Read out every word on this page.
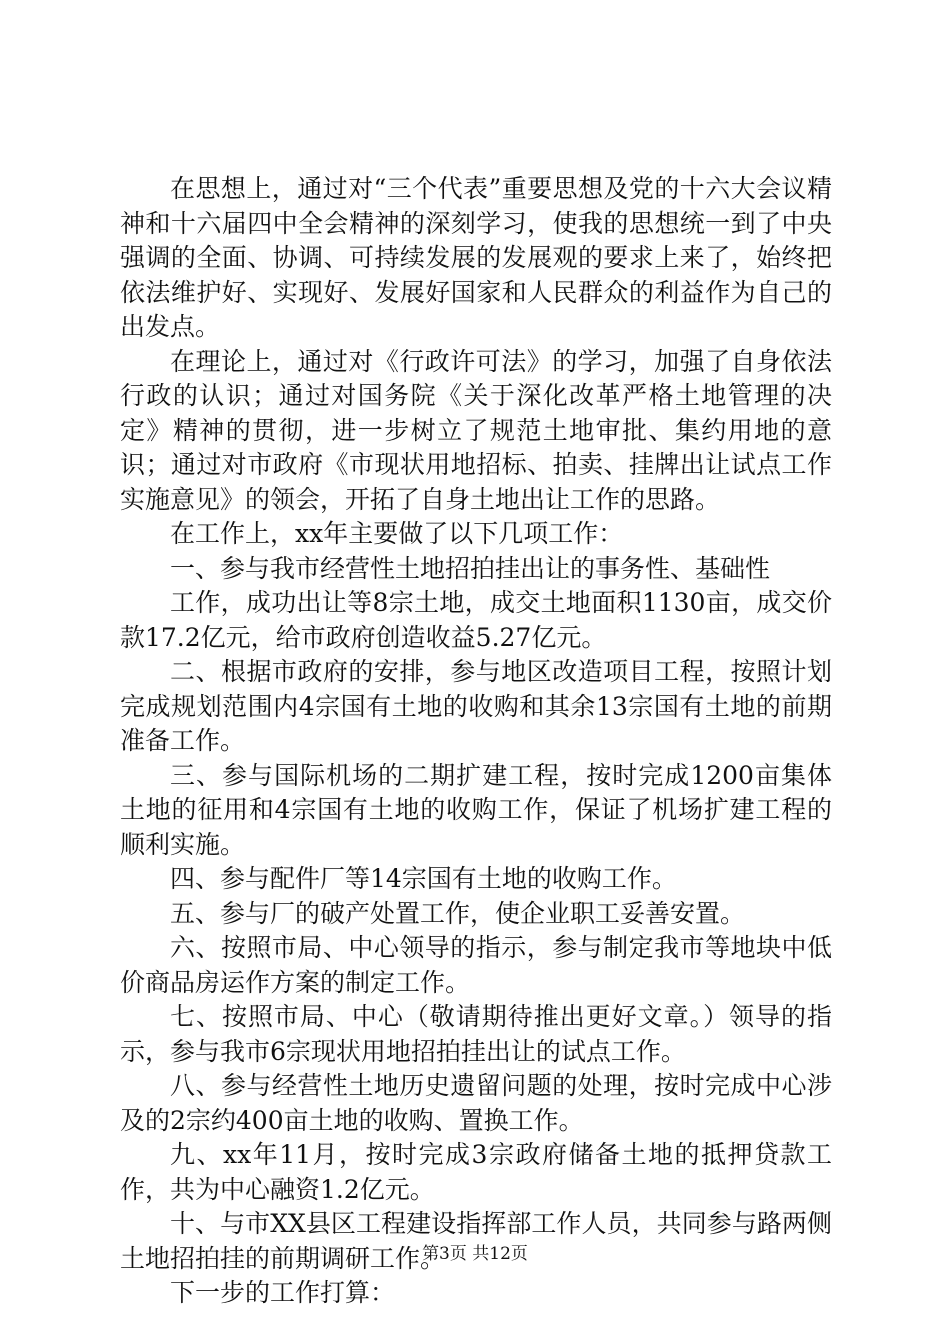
在思想上，通过对“三个代表”重要思想及党的十六大会议精神和十六届四中全会精神的深刻学习，使我的思想统一到了中央强调的全面、协调、可持续发展的发展观的要求上来了，始终把依法维护好、实现好、发展好国家和人民群众的利益作为自己的出发点。

在理论上，通过对《行政许可法》的学习，加强了自身依法行政的认识；通过对国务院《关于深化改革严格土地管理的决定》精神的贯彻，进一步树立了规范土地审批、集约用地的意识；通过对市政府《市现状用地招标、拍卖、挂牌出让试点工作实施意见》的领会，开拓了自身土地出让工作的思路。

在工作上，xx年主要做了以下几项工作：

一、参与我市经营性土地招拍挂出让的事务性、基础性

工作，成功出让等8宗土地，成交土地面积1130亩，成交价款17.2亿元，给市政府创造收益5.27亿元。

二、根据市政府的安排，参与地区改造项目工程，按照计划完成规划范围内4宗国有土地的收购和其余13宗国有土地的前期准备工作。

三、参与国际机场的二期扩建工程，按时完成1200亩集体土地的征用和4宗国有土地的收购工作，保证了机场扩建工程的顺利实施。

四、参与配件厂等14宗国有土地的收购工作。

五、参与厂的破产处置工作，使企业职工妥善安置。

六、按照市局、中心领导的指示，参与制定我市等地块中低价商品房运作方案的制定工作。

七、按照市局、中心（敬请期待推出更好文章。）领导的指示，参与我市6宗现状用地招拍挂出让的试点工作。

八、参与经营性土地历史遗留问题的处理，按时完成中心涉及的2宗约400亩土地的收购、置换工作。

九、xx年11月，按时完成3宗政府储备土地的抵押贷款工作，共为中心融资1.2亿元。

十、与市XX县区工程建设指挥部工作人员，共同参与路两侧土地招拍挂的前期调研工作。

下一步的工作打算：

第3页 共12页
